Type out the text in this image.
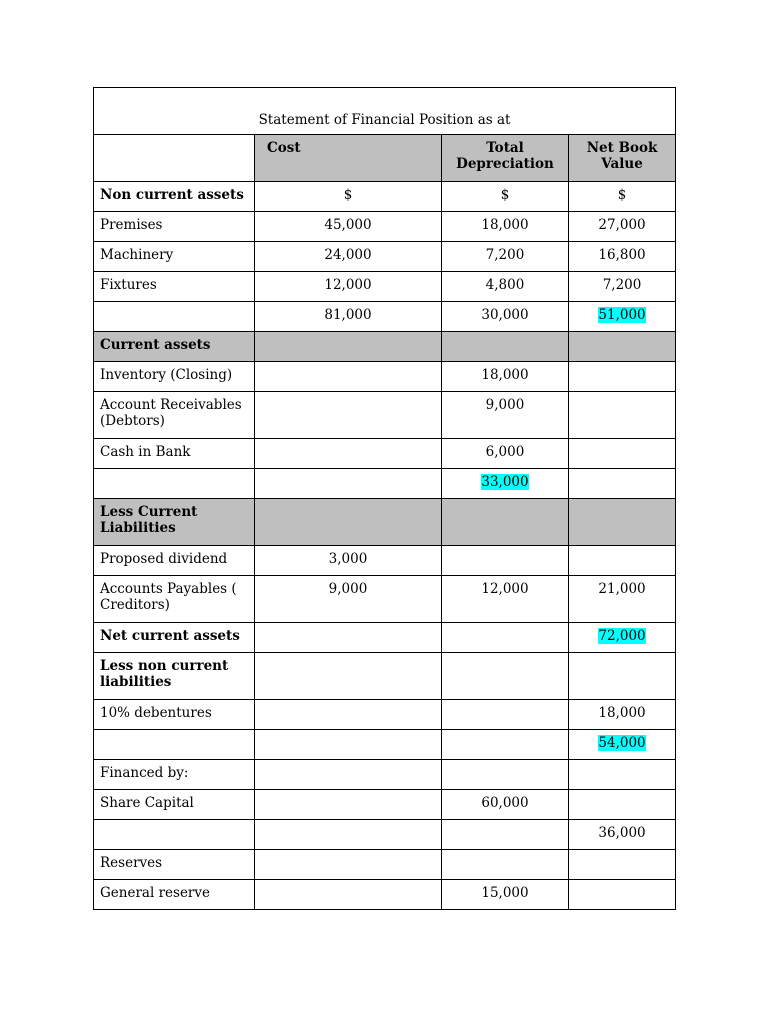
Statement of Financial Position as at			
	Cost	Total Depreciation	Net Book Value
Non current assets	$	$	$
Premises	45,000	18,000	27,000
Machinery	24,000	7,200	16,800
Fixtures	12,000	4,800	7,200
	81,000	30,000	51,000
Current assets			
Inventory (Closing)		18,000	
Account Receivables (Debtors)		9,000	
Cash in Bank		6,000	
		33,000	
Less Current Liabilities			
Proposed dividend	3,000		
Accounts Payables ( Creditors)	9,000	12,000	21,000
Net current assets			72,000
Less non current liabilities			
10% debentures			18,000
			54,000
Financed by:			
Share Capital		60,000	
			36,000
Reserves			
General reserve		15,000	
